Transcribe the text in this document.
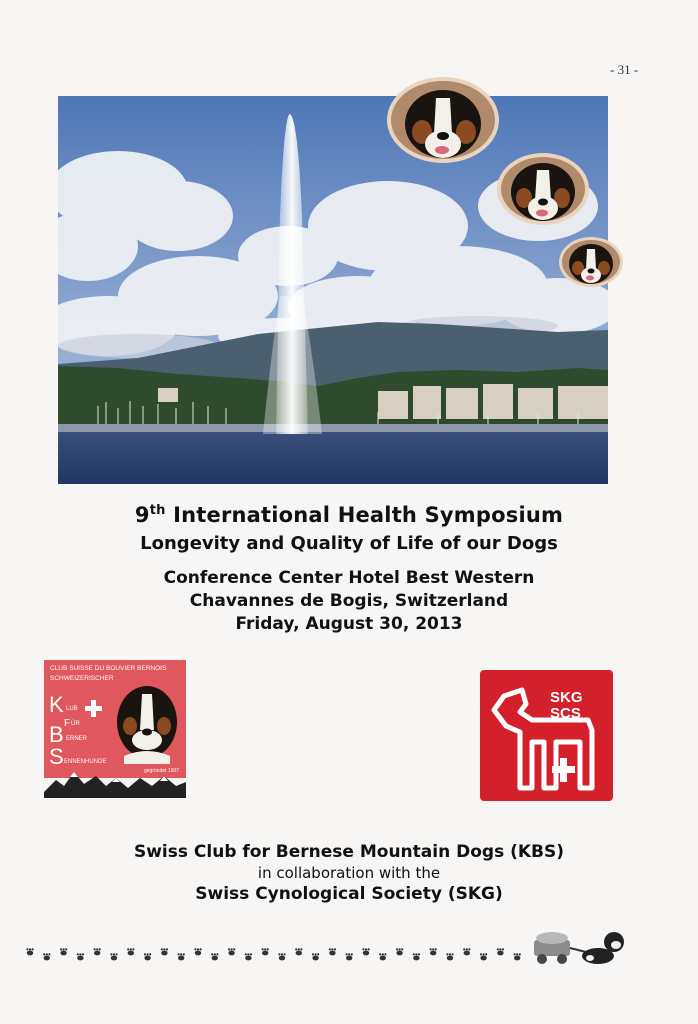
- 31 -
9th International Health Symposium
Longevity and Quality of Life of our Dogs
Conference Center Hotel Best Western
Chavannes de Bogis, Switzerland
Friday, August 30, 2013
CLUB SUISSE DU BOUVIER BERNOIS
SCHWEIZERISCHER
K LUB
F ÜR
B ERNER
S ENNENHUNDE
gegründet 1907
SKG
SCS
Swiss Club for Bernese Mountain Dogs (KBS)
in collaboration with the
Swiss Cynological Society (SKG)
